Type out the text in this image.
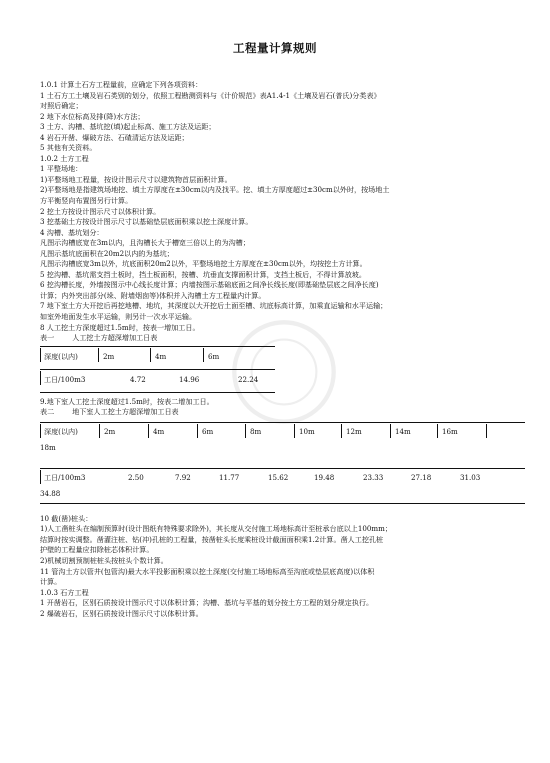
工程量计算规则
1.0.1 计算土石方工程量前，应确定下列各项资料：
1 土石方工土壤及岩石类别的划分，依照工程勘测资料与《计价规范》表A1.4-1《土壤及岩石(普氏)分类表》
对照后确定；
2 地下水位标高及排(降)水方法；
3 土方、沟槽、基坑挖(填)起止标高、施工方法及运距；
4 岩石开凿、爆破方法、石碴清运方法及运距；
5 其他有关资料。
1.0.2 土方工程
1 平整场地：
1)平整场地工程量，按设计图示尺寸以建筑物首层面积计算。
2)平整场地是指建筑场地挖、填土方厚度在±30cm以内及找平。挖、填土方厚度超过±30cm以外时，按场地土
方平衡竖向布置图另行计算。
2 挖土方按设计图示尺寸以体积计算。
3 挖基础土方按设计图示尺寸以基础垫层底面积乘以挖土深度计算。
4 沟槽、基坑划分：
凡图示沟槽底宽在3m以内，且沟槽长大于槽宽三倍以上的为沟槽；
凡图示基坑底面积在20m2以内的为基坑；
凡图示沟槽底宽3m以外，坑底面积20m2以外，平整场地挖土方厚度在±30cm以外，均按挖土方计算。
5 挖沟槽、基坑需支挡土板时，挡土板面积，按槽、坑垂直支撑面积计算，支挡土板后，不得计算放坡。
6 挖沟槽长度，外墙按图示中心线长度计算；内墙按图示基础底面之间净长线长度(即基础垫层底之间净长度)
计算；内外突出部分(垛、附墙烟囱等)体积并入沟槽土方工程量内计算。
7 地下室土方大开挖后再挖地槽、地坑，其深度以大开挖后土面至槽、坑底标高计算，加乘直运输和水平运输；
如室外地面发生水平运输，则另计一次水平运输。
8 人工挖土方深度超过1.5m时，按表一增加工日。
表一        人工挖土方超深增加工日表
深度(以内)	2m	4m	6m
工日/100m3	4.72	14.96	22.24
9.地下室人工挖土深度超过1.5m时，按表二增加工日。
表二        地下室人工挖土方超深增加工日表
深度(以内)	2m	4m	6m	8m	10m	12m	14m	16m
18m
工日/100m3	2.50	7.92	11.77	15.62	19.48	23.33	27.18	31.03
34.88
10 截(凿)桩头：
1)人工凿桩头在编制预算时(设计图纸有特殊要求除外)，其长度从交付施工场地标高计至桩承台底以上100mm；
结算时按实调整。凿灌注桩、钻(冲)孔桩的工程量，按凿桩头长度乘桩设计截面面积乘1.2计算。凿人工挖孔桩
护壁的工程量应扣除桩芯体积计算。
2)机械切割预制桩桩头按桩头个数计算。
11 管沟土方以管井(包管沟)最大水平投影面积乘以挖土深度(交付施工场地标高至沟底或垫层底高度)以体积
计算。
1.0.3 石方工程
1 开凿岩石，区别石质按设计图示尺寸以体积计算；沟槽、基坑与平基的划分按土方工程的划分规定执行。
2 爆破岩石，区别石质按设计图示尺寸以体积计算。
